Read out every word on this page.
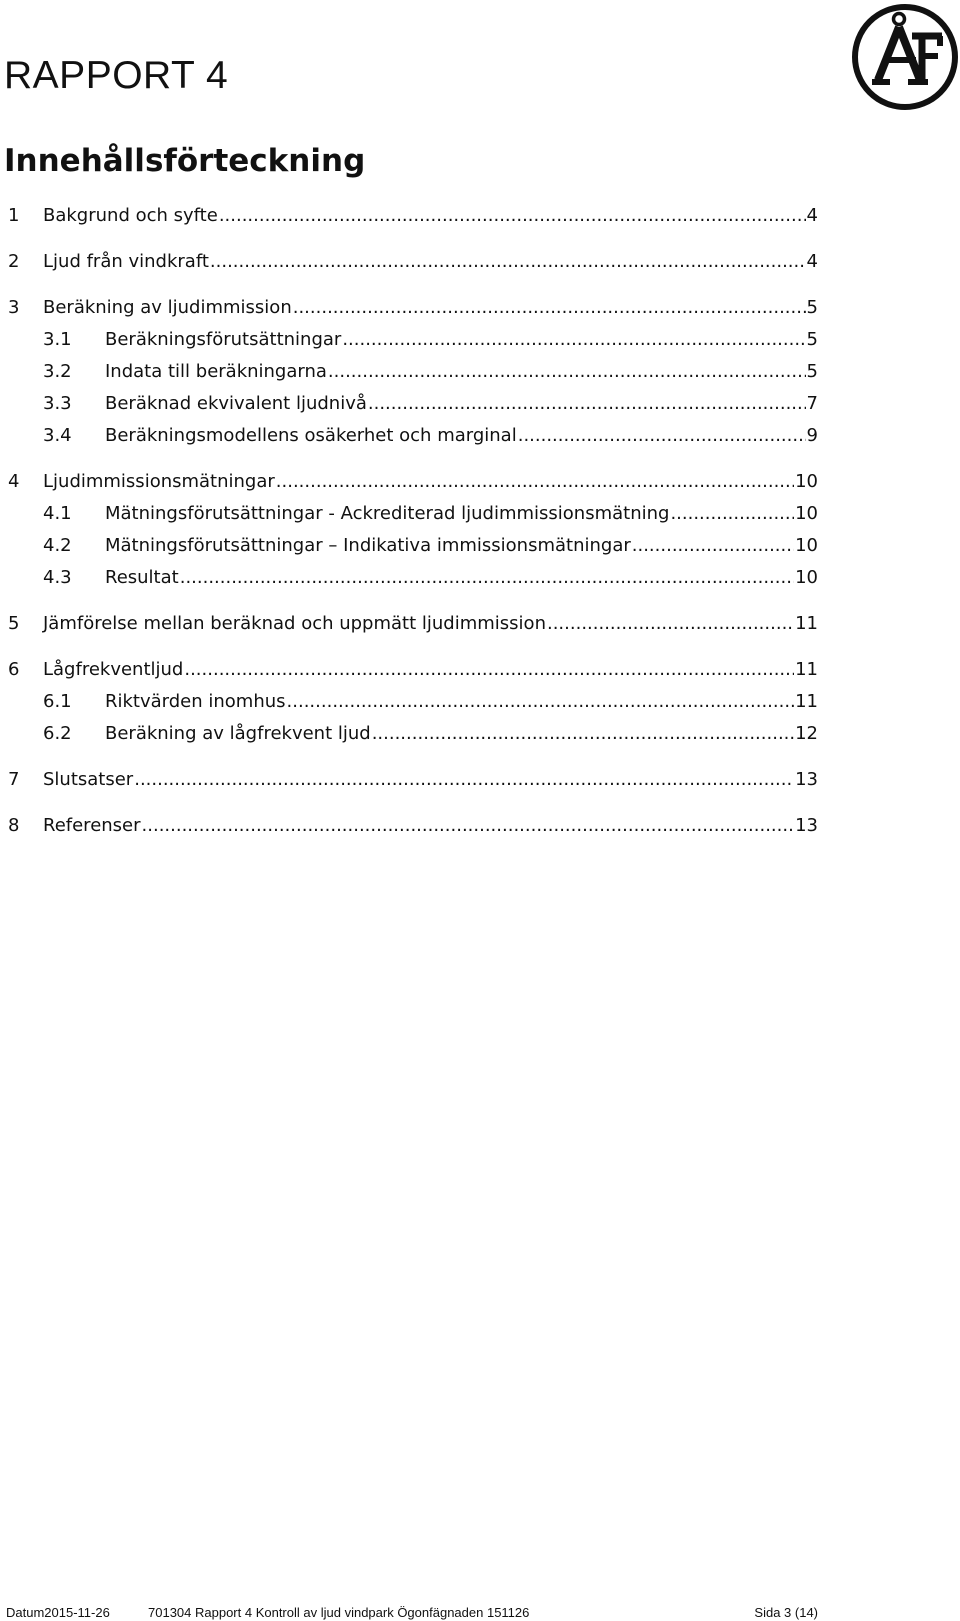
RAPPORT 4
Innehållsförteckning
1 Bakgrund och syfte .....	4
2 Ljud från vindkraft .....	4
3 Beräkning av ljudimmission .....	5
3.1 Beräkningsförutsättningar .....	5
3.2 Indata till beräkningarna .....	5
3.3 Beräknad ekvivalent ljudnivå .....	7
3.4 Beräkningsmodellens osäkerhet och marginal .....	9
4 Ljudimmissionsmätningar .....	10
4.1 Mätningsförutsättningar - Ackrediterad ljudimmissionsmätning .....	10
4.2 Mätningsförutsättningar – Indikativa immissionsmätningar .....	10
4.3 Resultat .....	10
5 Jämförelse mellan beräknad och uppmätt ljudimmission .....	11
6 Lågfrekventljud .....	11
6.1 Riktvärden inomhus .....	11
6.2 Beräkning av lågfrekvent ljud .....	12
7 Slutsatser .....	13
8 Referenser .....	13
Datum2015-11-26	701304 Rapport 4 Kontroll av ljud vindpark Ögonfägnaden 151126	Sida 3 (14)
